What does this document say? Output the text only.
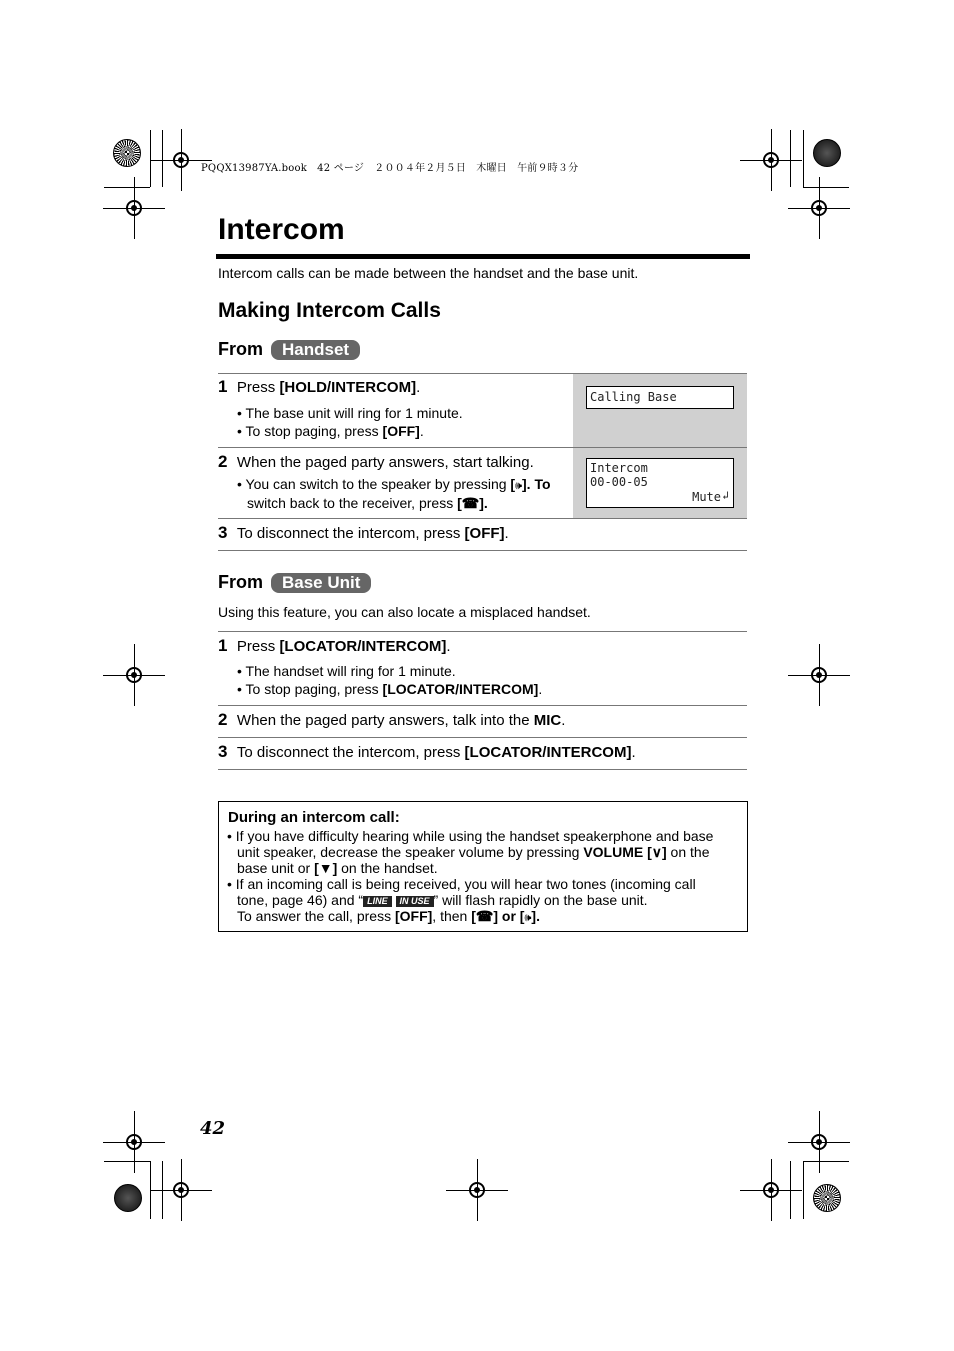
PQQX13987YA.book　42 ページ　２００４年２月５日　木曜日　午前９時３分
Intercom
Intercom calls can be made between the handset and the base unit.
Making Intercom Calls
From	Handset
1 Press [HOLD/INTERCOM].
• The base unit will ring for 1 minute.
• To stop paging, press [OFF].
Calling Base
2 When the paged party answers, start talking.
• You can switch to the speaker by pressing [🕪]. To
switch back to the receiver, press [☎].
Intercom
00-00-05
Mute ↲
3 To disconnect the intercom, press [OFF].
From	Base Unit
Using this feature, you can also locate a misplaced handset.
1 Press [LOCATOR/INTERCOM].
• The handset will ring for 1 minute.
• To stop paging, press [LOCATOR/INTERCOM].
2 When the paged party answers, talk into the MIC.
3 To disconnect the intercom, press [LOCATOR/INTERCOM].
During an intercom call:
• If you have difficulty hearing while using the handset speakerphone and base
unit speaker, decrease the speaker volume by pressing VOLUME [∨] on the
base unit or [▼] on the handset.
• If an incoming call is being received, you will hear two tones (incoming call
tone, page 46) and “ LINE IN USE ” will flash rapidly on the base unit.
To answer the call, press [OFF], then [☎] or [🕪].
42
